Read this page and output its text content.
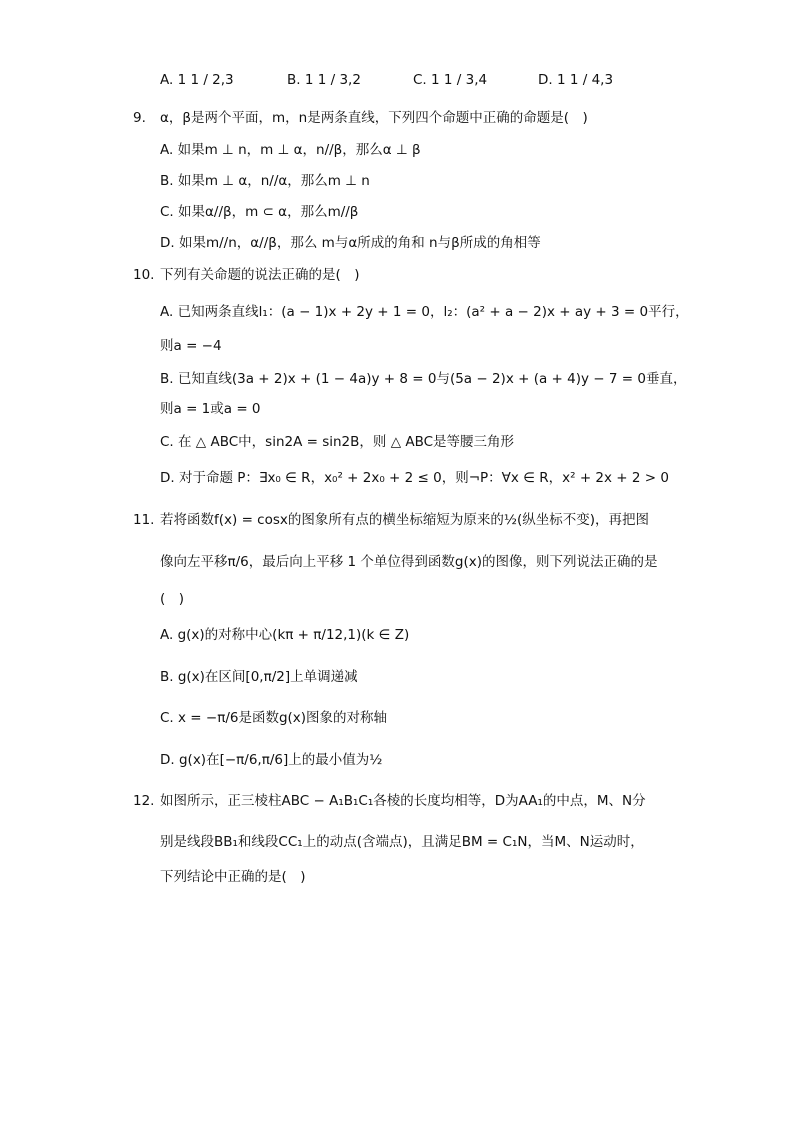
A. 1 1 / 2,3	B. 1 1 / 3,2	C. 1 1 / 3,4	D. 1 1 / 4,3
9. α，β是两个平面，m，n是两条直线，下列四个命题中正确的命题是(　)
A. 如果m ⊥ n，m ⊥ α，n//β，那么α ⊥ β
B. 如果m ⊥ α，n//α，那么m ⊥ n
C. 如果α//β，m ⊂ α，那么m//β
D. 如果m//n，α//β，那么 m与α所成的角和 n与β所成的角相等
10. 下列有关命题的说法正确的是(　)
A. 已知两条直线l₁：(a − 1)x + 2y + 1 = 0，l₂：(a² + a − 2)x + ay + 3 = 0平行，
则a = −4
B. 已知直线(3a + 2)x + (1 − 4a)y + 8 = 0与(5a − 2)x + (a + 4)y − 7 = 0垂直，
则a = 1或a = 0
C. 在 △ ABC中，sin2A = sin2B，则 △ ABC是等腰三角形
D. 对于命题 P：∃x₀ ∈ R，x₀² + 2x₀ + 2 ≤ 0，则¬P：∀x ∈ R，x² + 2x + 2 > 0
11. 若将函数f(x) = cosx的图象所有点的横坐标缩短为原来的½(纵坐标不变)，再把图
像向左平移π/6，最后向上平移 1 个单位得到函数g(x)的图像，则下列说法正确的是
(　)
A. g(x)的对称中心(kπ + π/12,1)(k ∈ Z)
B. g(x)在区间[0,π/2]上单调递减
C. x = −π/6是函数g(x)图象的对称轴
D. g(x)在[−π/6,π/6]上的最小值为½
12. 如图所示，正三棱柱ABC − A₁B₁C₁各棱的长度均相等，D为AA₁的中点，M、N分
别是线段BB₁和线段CC₁上的动点(含端点)，且满足BM = C₁N，当M、N运动时，
下列结论中正确的是(　)
